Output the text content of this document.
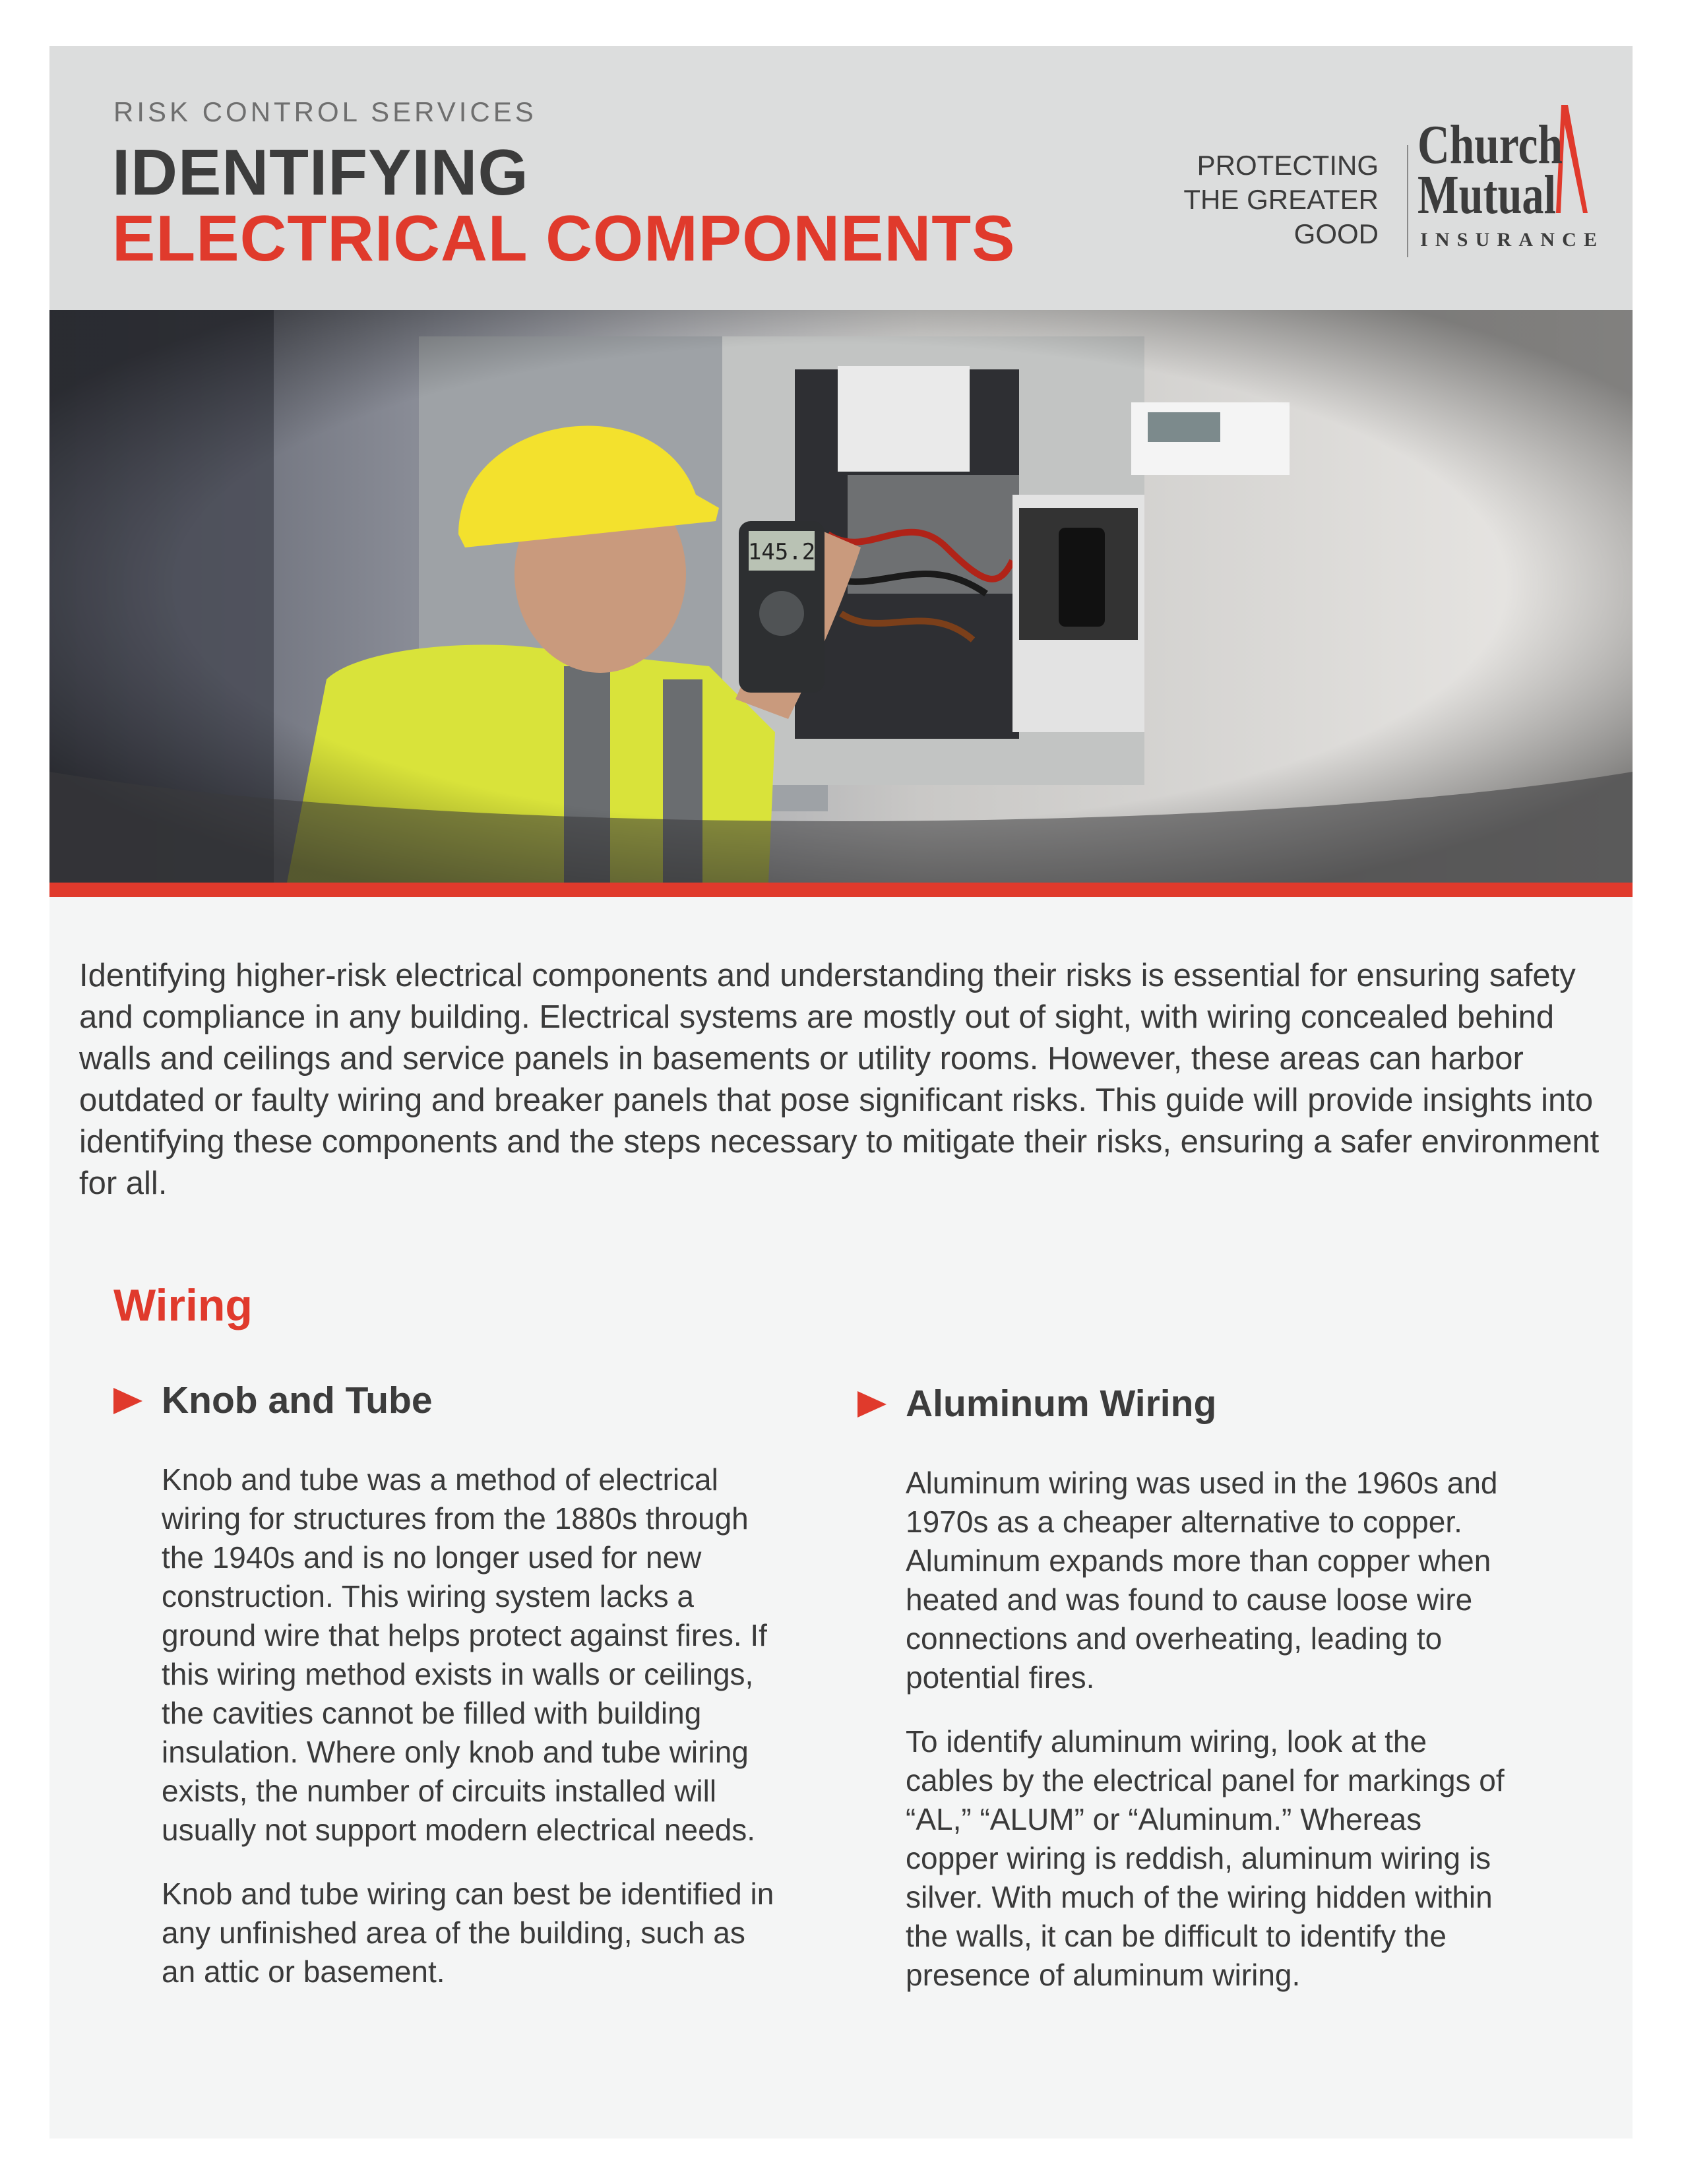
RISK CONTROL SERVICES
IDENTIFYING
ELECTRICAL COMPONENTS
PROTECTING
THE GREATER
GOOD
Church
Mutual
INSURANCE
Identifying higher-risk electrical components and understanding their risks is essential for ensuring safety and compliance in any building. Electrical systems are mostly out of sight, with wiring concealed behind walls and ceilings and service panels in basements or utility rooms. However, these areas can harbor outdated or faulty wiring and breaker panels that pose significant risks. This guide will provide insights into identifying these components and the steps necessary to mitigate their risks, ensuring a safer environment for all.
Wiring
Knob and Tube

Knob and tube was a method of electrical wiring for structures from the 1880s through the 1940s and is no longer used for new construction. This wiring system lacks a ground wire that helps protect against fires. If this wiring method exists in walls or ceilings, the cavities cannot be filled with building insulation. Where only knob and tube wiring exists, the number of circuits installed will usually not support modern electrical needs.

Knob and tube wiring can best be identified in any unfinished area of the building, such as an attic or basement.

Aluminum Wiring

Aluminum wiring was used in the 1960s and 1970s as a cheaper alternative to copper. Aluminum expands more than copper when heated and was found to cause loose wire connections and overheating, leading to potential fires.

To identify aluminum wiring, look at the cables by the electrical panel for markings of “AL,” “ALUM” or “Aluminum.” Whereas copper wiring is reddish, aluminum wiring is silver. With much of the wiring hidden within the walls, it can be difficult to identify the presence of aluminum wiring.
